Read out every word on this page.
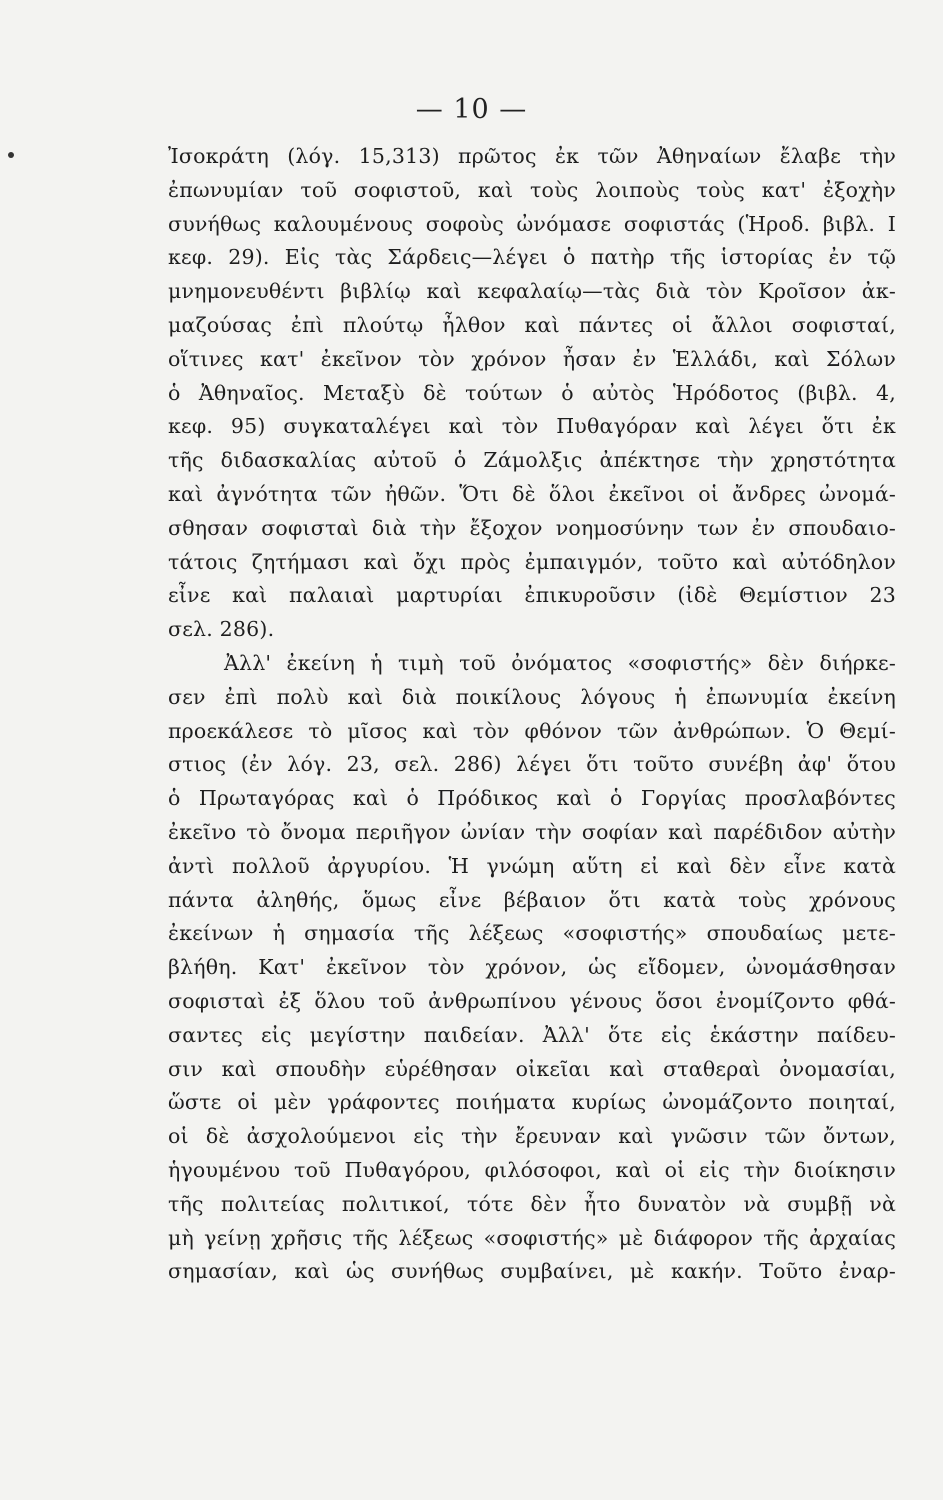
— 10 —
Ἰσοκράτη (λόγ. 15,313) πρῶτος ἐκ τῶν Ἀθηναίων ἔλαβε τὴν
ἐπωνυμίαν τοῦ σοφιστοῦ, καὶ τοὺς λοιποὺς τοὺς κατ' ἐξοχὴν
συνήθως καλουμένους σοφοὺς ὠνόμασε σοφιστάς (Ἡροδ. βιβλ. Ι
κεφ. 29). Εἰς τὰς Σάρδεις—λέγει ὁ πατὴρ τῆς ἱστορίας ἐν τῷ
μνημονευθέντι βιβλίῳ καὶ κεφαλαίῳ—τὰς διὰ τὸν Κροῖσον ἀκ-
μαζούσας ἐπὶ πλούτῳ ἦλθον καὶ πάντες οἱ ἄλλοι σοφισταί,
οἵτινες κατ' ἐκεῖνον τὸν χρόνον ἦσαν ἐν Ἑλλάδι, καὶ Σόλων
ὁ Ἀθηναῖος. Μεταξὺ δὲ τούτων ὁ αὐτὸς Ἡρόδοτος (βιβλ. 4,
κεφ. 95) συγκαταλέγει καὶ τὸν Πυθαγόραν καὶ λέγει ὅτι ἐκ
τῆς διδασκαλίας αὐτοῦ ὁ Ζάμολξις ἀπέκτησε τὴν χρηστότητα
καὶ ἀγνότητα τῶν ἠθῶν. Ὅτι δὲ ὅλοι ἐκεῖνοι οἱ ἄνδρες ὠνομά-
σθησαν σοφισταὶ διὰ τὴν ἔξοχον νοημοσύνην των ἐν σπουδαιο-
τάτοις ζητήμασι καὶ ὄχι πρὸς ἐμπαιγμόν, τοῦτο καὶ αὐτόδηλον
εἶνε καὶ παλαιαὶ μαρτυρίαι ἐπικυροῦσιν (ἰδὲ Θεμίστιον 23
σελ. 286).
Ἀλλ' ἐκείνη ἡ τιμὴ τοῦ ὀνόματος «σοφιστής» δὲν διήρκε-
σεν ἐπὶ πολὺ καὶ διὰ ποικίλους λόγους ἡ ἐπωνυμία ἐκείνη
προεκάλεσε τὸ μῖσος καὶ τὸν φθόνον τῶν ἀνθρώπων. Ὁ Θεμί-
στιος (ἐν λόγ. 23, σελ. 286) λέγει ὅτι τοῦτο συνέβη ἀφ' ὅτου
ὁ Πρωταγόρας καὶ ὁ Πρόδικος καὶ ὁ Γοργίας προσλαβόντες
ἐκεῖνο τὸ ὄνομα περιῆγον ὠνίαν τὴν σοφίαν καὶ παρέδιδον αὐτὴν
ἀντὶ πολλοῦ ἀργυρίου. Ἡ γνώμη αὕτη εἰ καὶ δὲν εἶνε κατὰ
πάντα ἀληθής, ὅμως εἶνε βέβαιον ὅτι κατὰ τοὺς χρόνους
ἐκείνων ἡ σημασία τῆς λέξεως «σοφιστής» σπουδαίως μετε-
βλήθη. Κατ' ἐκεῖνον τὸν χρόνον, ὡς εἴδομεν, ὠνομάσθησαν
σοφισταὶ ἐξ ὅλου τοῦ ἀνθρωπίνου γένους ὅσοι ἐνομίζοντο φθά-
σαντες εἰς μεγίστην παιδείαν. Ἀλλ' ὅτε εἰς ἑκάστην παίδευ-
σιν καὶ σπουδὴν εὑρέθησαν οἰκεῖαι καὶ σταθεραὶ ὀνομασίαι,
ὥστε οἱ μὲν γράφοντες ποιήματα κυρίως ὠνομάζοντο ποιηταί,
οἱ δὲ ἀσχολούμενοι εἰς τὴν ἔρευναν καὶ γνῶσιν τῶν ὄντων,
ἡγουμένου τοῦ Πυθαγόρου, φιλόσοφοι, καὶ οἱ εἰς τὴν διοίκησιν
τῆς πολιτείας πολιτικοί, τότε δὲν ἦτο δυνατὸν νὰ συμβῇ νὰ
μὴ γείνῃ χρῆσις τῆς λέξεως «σοφιστής» μὲ διάφορον τῆς ἀρχαίας
σημασίαν, καὶ ὡς συνήθως συμβαίνει, μὲ κακήν. Τοῦτο ἐναρ-
